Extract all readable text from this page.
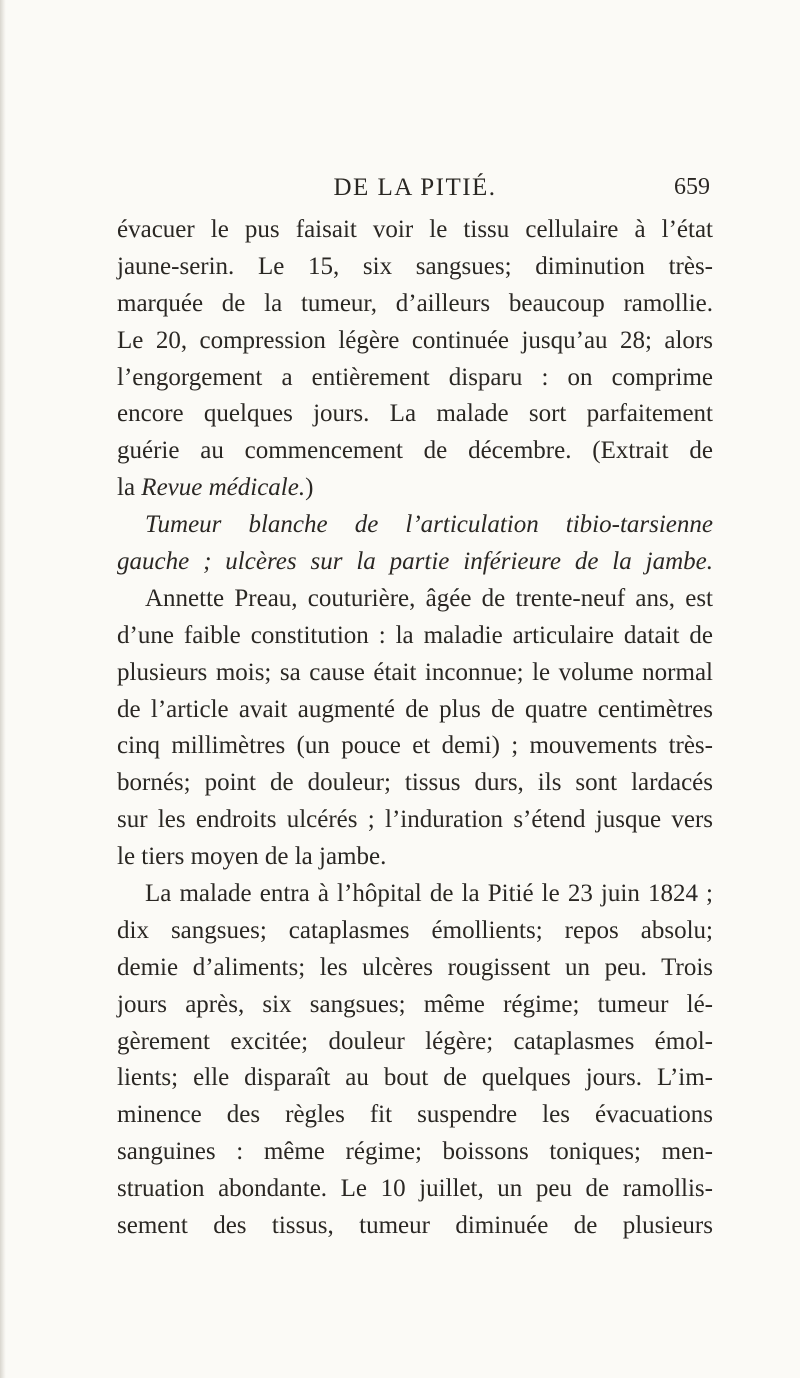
DE LA PITIÉ.	659
évacuer le pus faisait voir le tissu cellulaire à l’état
jaune-serin. Le 15, six sangsues; diminution très-
marquée de la tumeur, d’ailleurs beaucoup ramollie.
Le 20, compression légère continuée jusqu’au 28; alors
l’engorgement a entièrement disparu : on comprime
encore quelques jours. La malade sort parfaitement
guérie au commencement de décembre. (Extrait de
la Revue médicale.)
Tumeur blanche de l’articulation tibio-tarsienne
gauche ; ulcères sur la partie inférieure de la jambe.
Annette Preau, couturière, âgée de trente-neuf ans, est
d’une faible constitution : la maladie articulaire datait de
plusieurs mois; sa cause était inconnue; le volume normal
de l’article avait augmenté de plus de quatre centimètres
cinq millimètres (un pouce et demi) ; mouvements très-
bornés; point de douleur; tissus durs, ils sont lardacés
sur les endroits ulcérés ; l’induration s’étend jusque vers
le tiers moyen de la jambe.
La malade entra à l’hôpital de la Pitié le 23 juin 1824 ;
dix sangsues; cataplasmes émollients; repos absolu;
demie d’aliments; les ulcères rougissent un peu. Trois
jours après, six sangsues; même régime; tumeur lé-
gèrement excitée; douleur légère; cataplasmes émol-
lients; elle disparaît au bout de quelques jours. L’im-
minence des règles fit suspendre les évacuations
sanguines : même régime; boissons toniques; men-
struation abondante. Le 10 juillet, un peu de ramollis-
sement des tissus, tumeur diminuée de plusieurs
